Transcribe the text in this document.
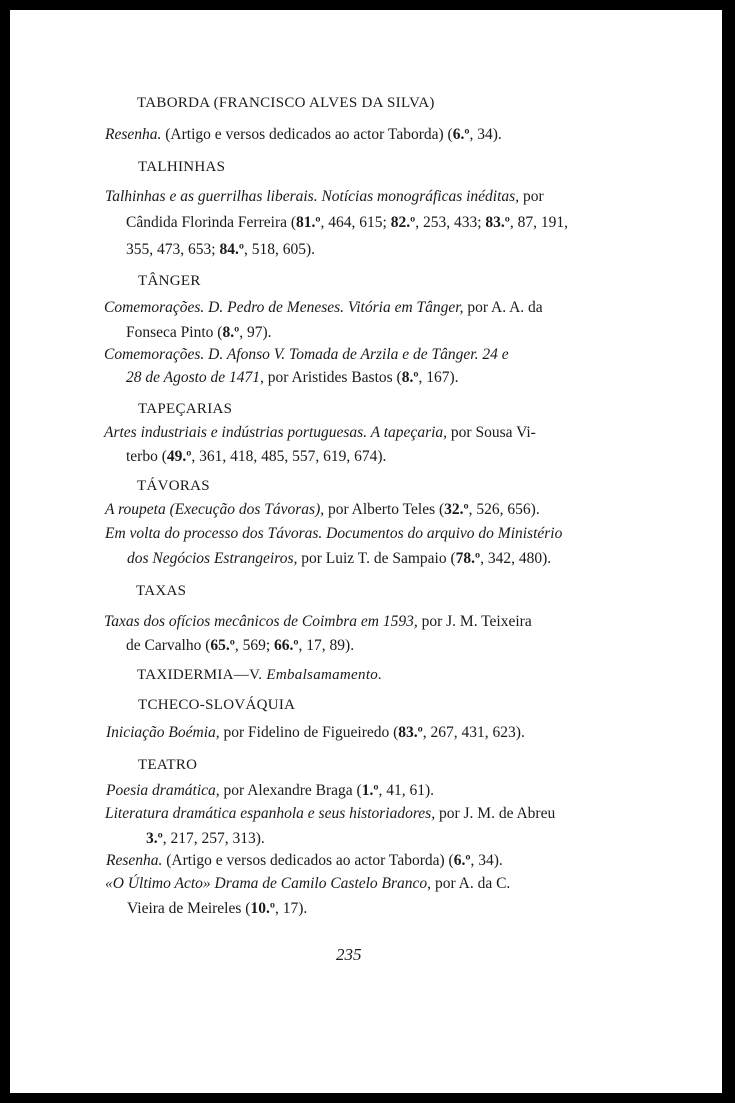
TABORDA (FRANCISCO ALVES DA SILVA)
Resenha. (Artigo e versos dedicados ao actor Taborda) (6.º, 34).
TALHINHAS
Talhinhas e as guerrilhas liberais. Notícias monográficas inéditas, por
Cândida Florinda Ferreira (81.º, 464, 615; 82.º, 253, 433; 83.º, 87, 191,
355, 473, 653; 84.º, 518, 605).
TÂNGER
Comemorações. D. Pedro de Meneses. Vitória em Tânger, por A. A. da
Fonseca Pinto (8.º, 97).
Comemorações. D. Afonso V. Tomada de Arzila e de Tânger. 24 e
28 de Agosto de 1471, por Aristides Bastos (8.º, 167).
TAPEÇARIAS
Artes industriais e indústrias portuguesas. A tapeçaria, por Sousa Vi-
terbo (49.º, 361, 418, 485, 557, 619, 674).
TÁVORAS
A roupeta (Execução dos Távoras), por Alberto Teles (32.º, 526, 656).
Em volta do processo dos Távoras. Documentos do arquivo do Ministério
dos Negócios Estrangeiros, por Luiz T. de Sampaio (78.º, 342, 480).
TAXAS
Taxas dos ofícios mecânicos de Coimbra em 1593, por J. M. Teixeira
de Carvalho (65.º, 569; 66.º, 17, 89).
TAXIDERMIA—V. Embalsamamento.
TCHECO-SLOVÁQUIA
Iniciação Boémia, por Fidelino de Figueiredo (83.º, 267, 431, 623).
TEATRO
Poesia dramática, por Alexandre Braga (1.º, 41, 61).
Literatura dramática espanhola e seus historiadores, por J. M. de Abreu
3.º, 217, 257, 313).
Resenha. (Artigo e versos dedicados ao actor Taborda) (6.º, 34).
«O Último Acto» Drama de Camilo Castelo Branco, por A. da C.
Vieira de Meireles (10.º, 17).
235
